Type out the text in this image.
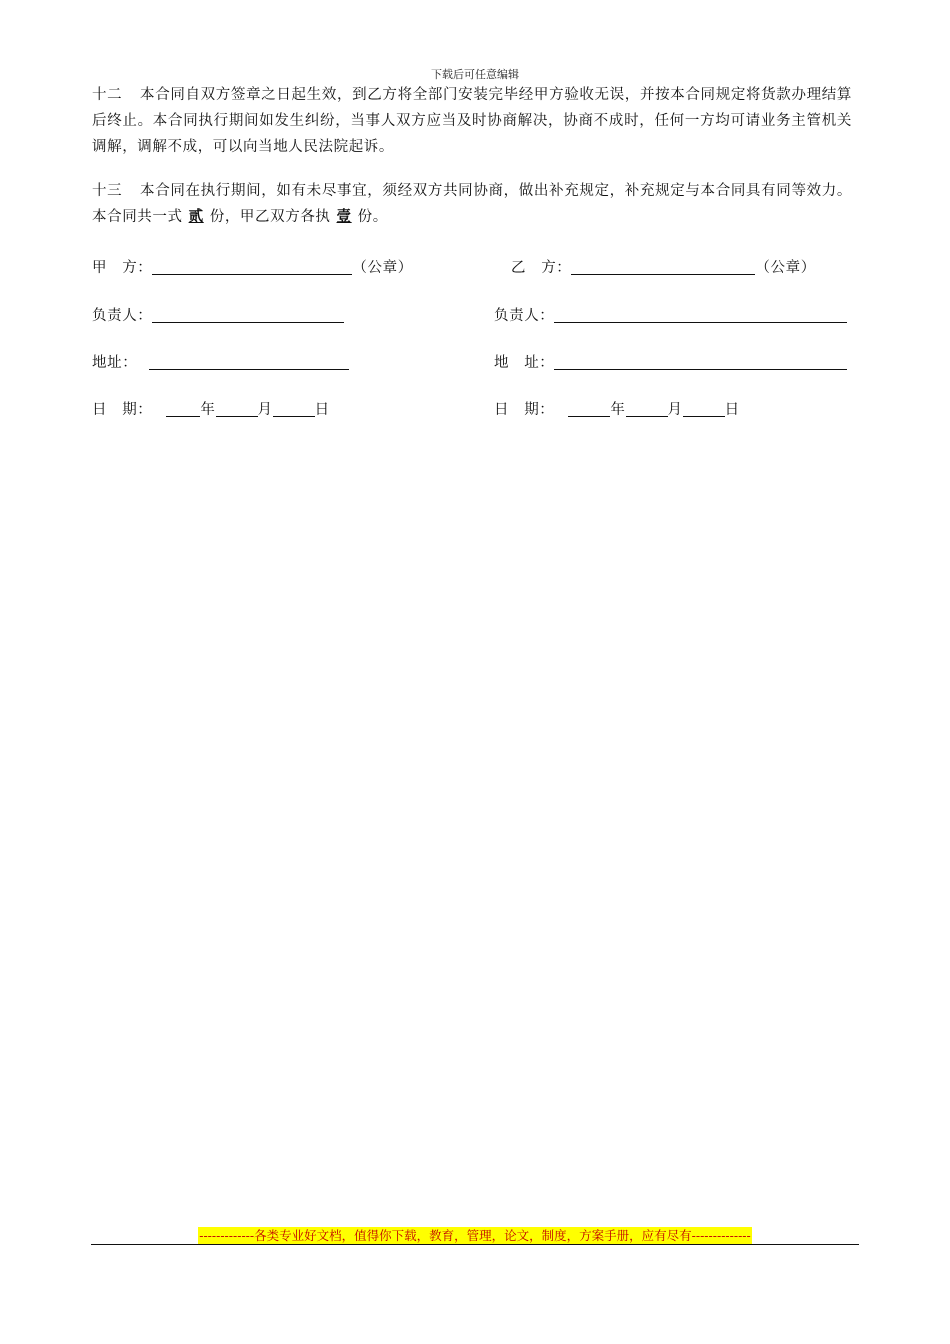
下载后可任意编辑
十二 本合同自双方签章之日起生效，到乙方将全部门安装完毕经甲方验收无误，并按本合同规定将货款办理结算后终止。本合同执行期间如发生纠纷，当事人双方应当及时协商解决，协商不成时，任何一方均可请业务主管机关调解，调解不成，可以向当地人民法院起诉。
十三 本合同在执行期间，如有未尽事宜，须经双方共同协商，做出补充规定，补充规定与本合同具有同等效力。本合同共一式 贰 份，甲乙双方各执 壹 份。
甲　方：	（公章）
负责人：
地址：
日　期：	年	月	日
乙　方：	（公章）
负责人：
地　址：
日　期：	年	月	日
-------------各类专业好文档，值得你下载，教育，管理，论文，制度，方案手册，应有尽有--------------
